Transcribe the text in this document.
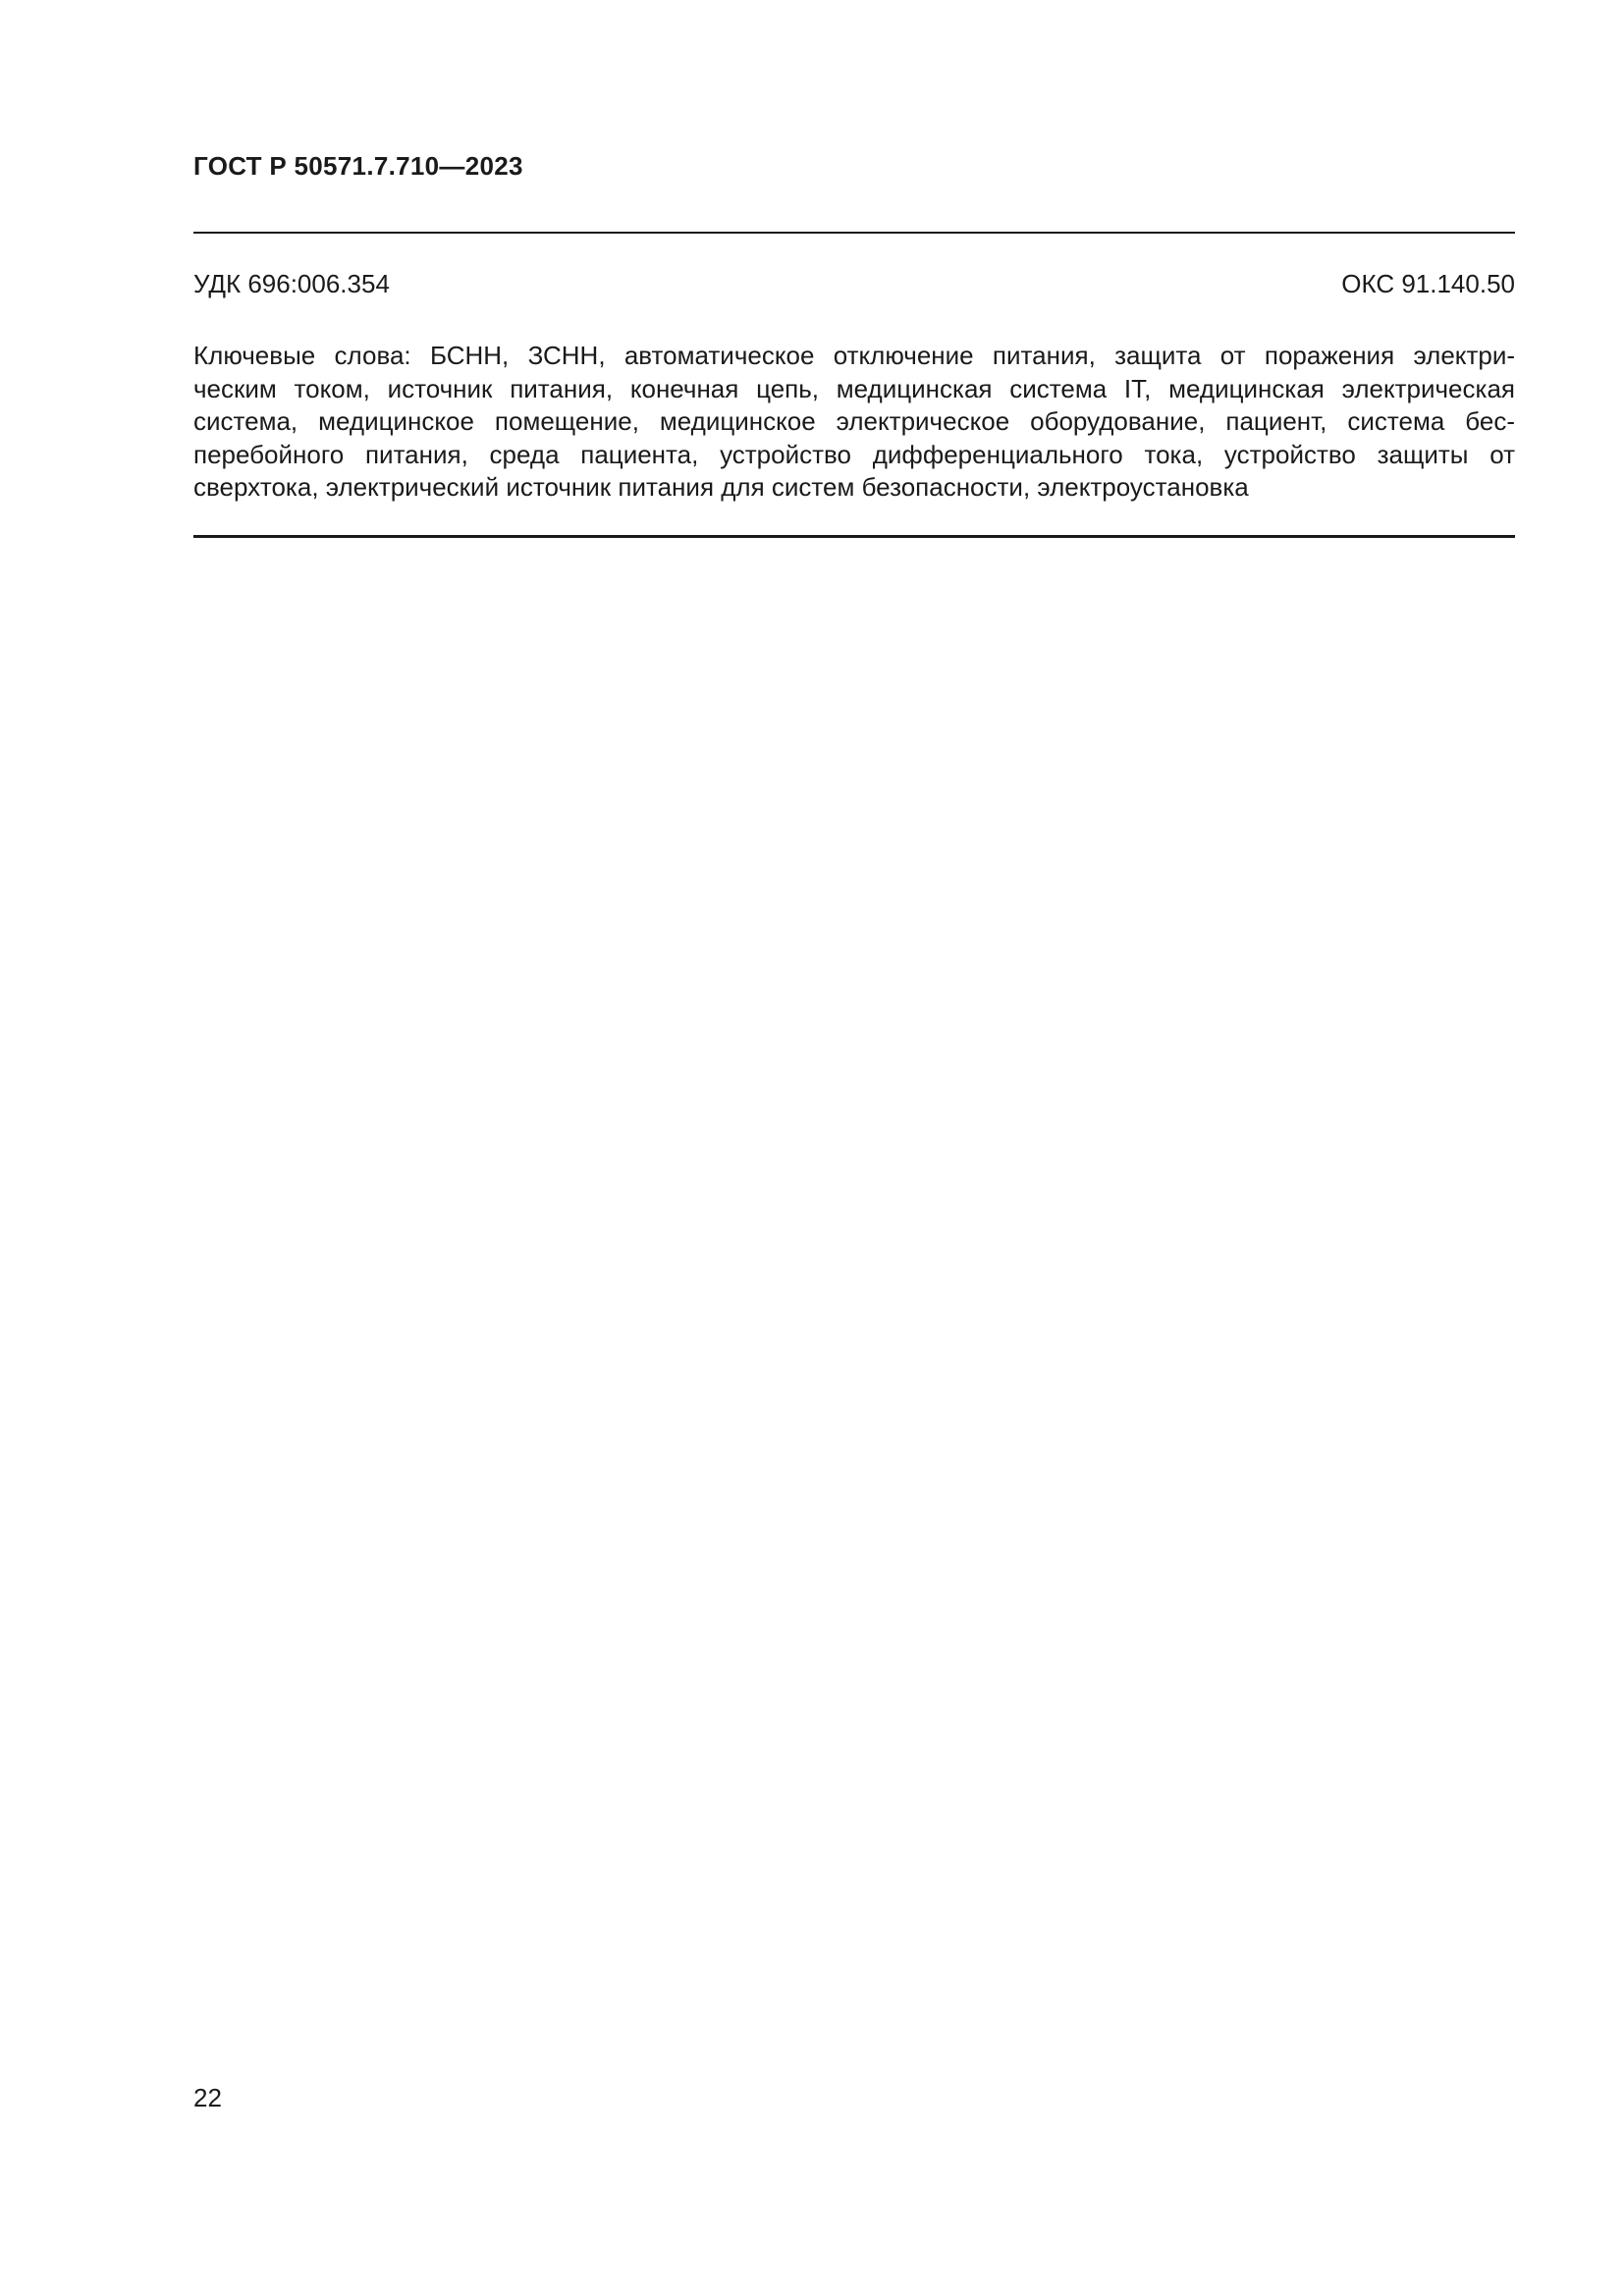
ГОСТ Р 50571.7.710—2023
УДК 696:006.354	ОКС 91.140.50
Ключевые слова: БСНН, ЗСНН, автоматическое отключение питания, защита от поражения электри-
ческим током, источник питания, конечная цепь, медицинская система IT, медицинская электрическая
система, медицинское помещение, медицинское электрическое оборудование, пациент, система бес-
перебойного питания, среда пациента, устройство дифференциального тока, устройство защиты от
сверхтока, электрический источник питания для систем безопасности, электроустановка
22
